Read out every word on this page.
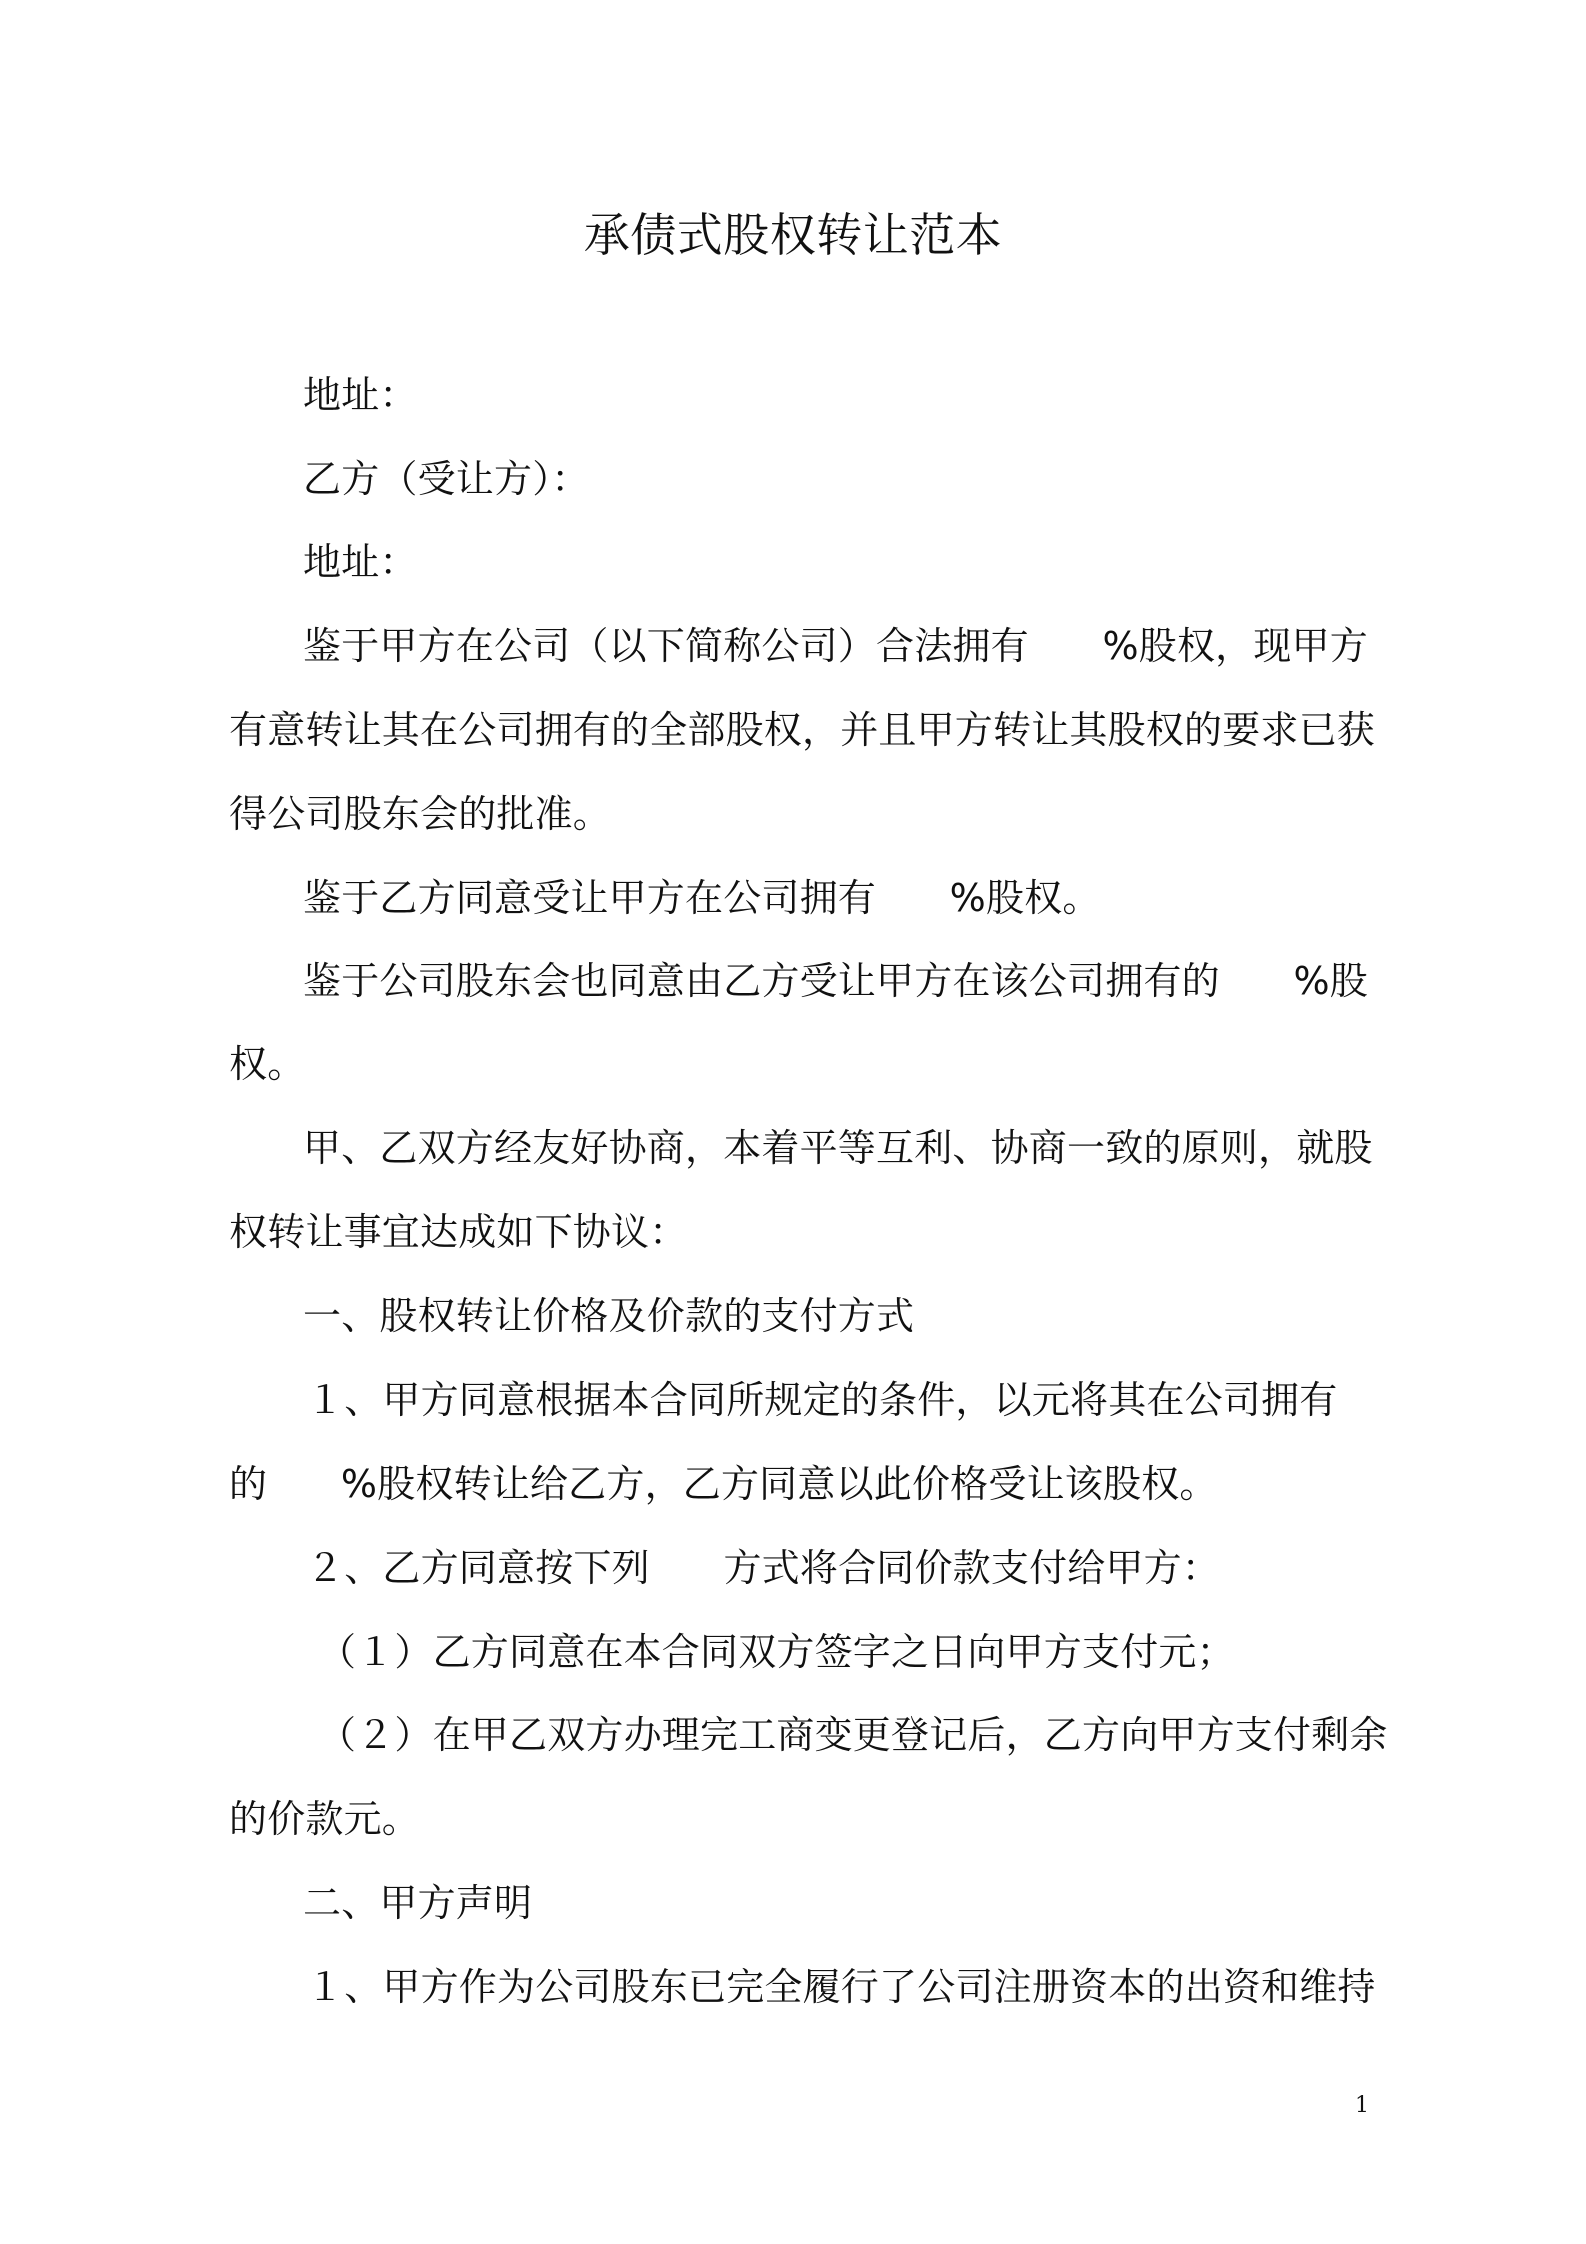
承债式股权转让范本

地址：

乙方（受让方）：

地址：

鉴于甲方在公司（以下简称公司）合法拥有      %股权，现甲方

有意转让其在公司拥有的全部股权，并且甲方转让其股权的要求已获

得公司股东会的批准。

鉴于乙方同意受让甲方在公司拥有      %股权。

鉴于公司股东会也同意由乙方受让甲方在该公司拥有的      %股

权。

甲、乙双方经友好协商，本着平等互利、协商一致的原则，就股

权转让事宜达成如下协议：

一、股权转让价格及价款的支付方式

１、甲方同意根据本合同所规定的条件，以元将其在公司拥有

的      %股权转让给乙方，乙方同意以此价格受让该股权。

２、乙方同意按下列      方式将合同价款支付给甲方：

（１）乙方同意在本合同双方签字之日向甲方支付元；

（２）在甲乙双方办理完工商变更登记后，乙方向甲方支付剩余

的价款元。

二、甲方声明

１、甲方作为公司股东已完全履行了公司注册资本的出资和维持

1
